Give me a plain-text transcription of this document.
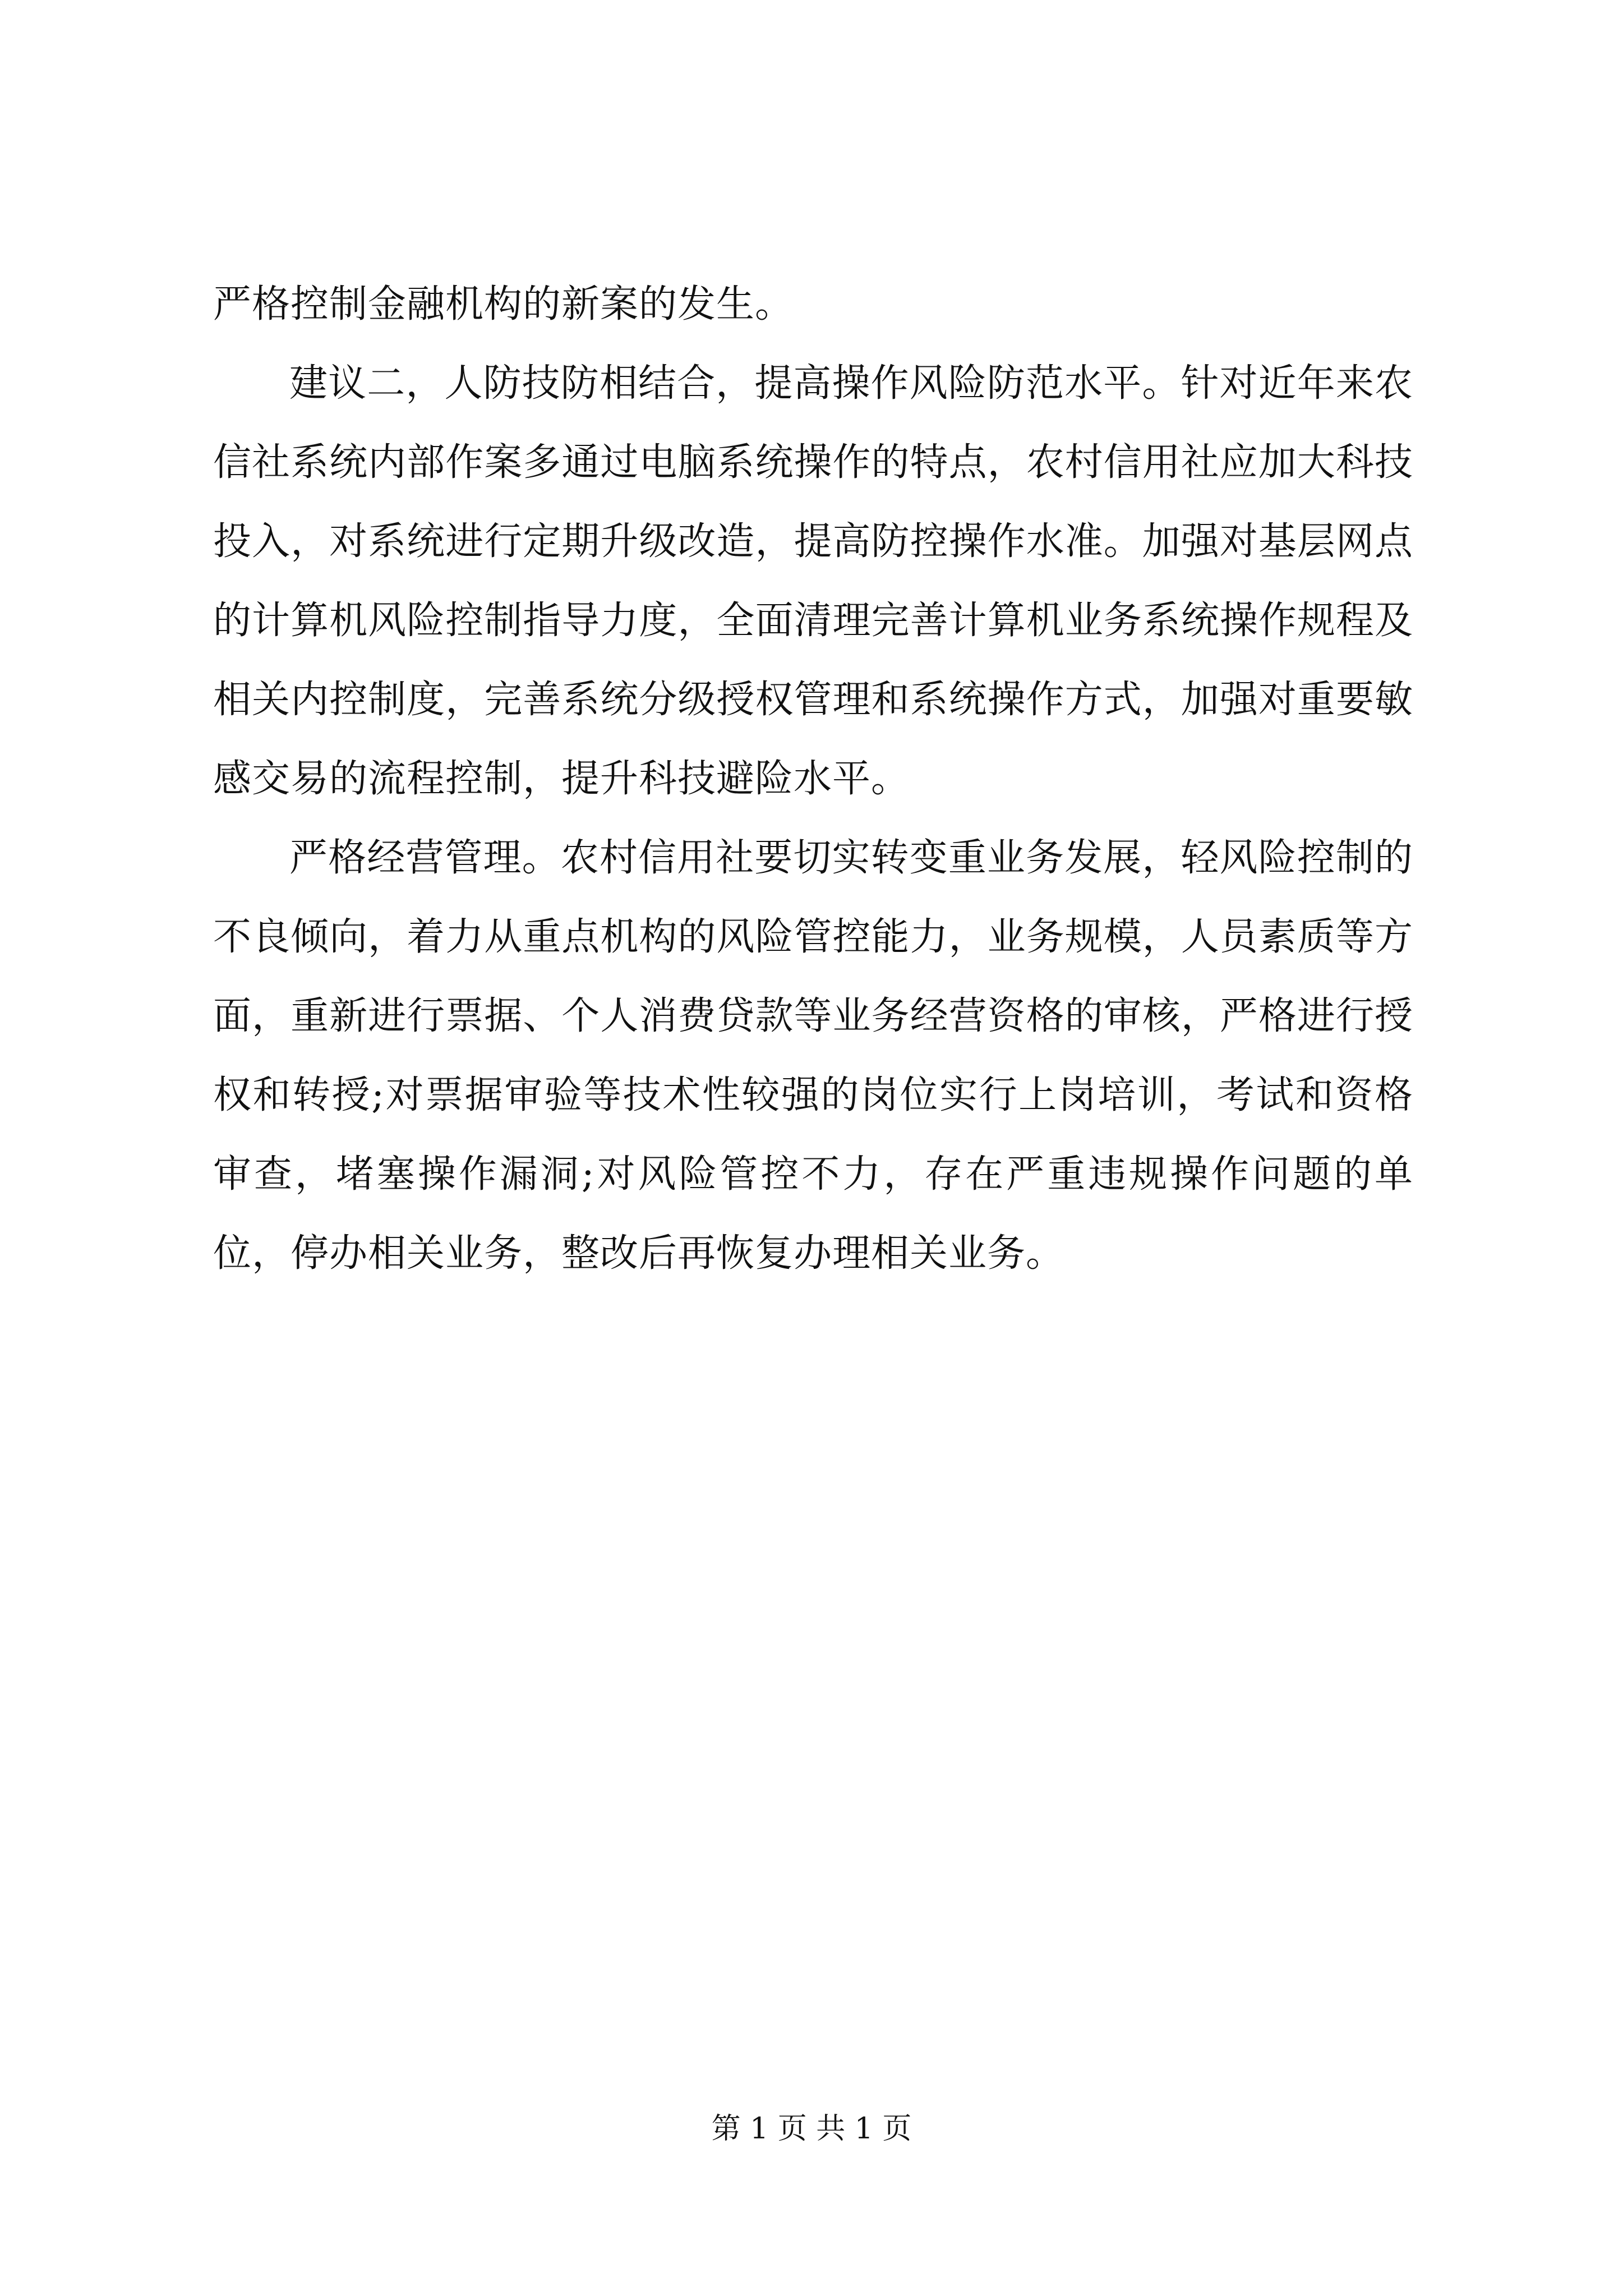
严格控制金融机构的新案的发生。

建议二，人防技防相结合，提高操作风险防范水平。针对近年来农信社系统内部作案多通过电脑系统操作的特点，农村信用社应加大科技投入，对系统进行定期升级改造，提高防控操作水准。加强对基层网点的计算机风险控制指导力度，全面清理完善计算机业务系统操作规程及相关内控制度，完善系统分级授权管理和系统操作方式，加强对重要敏感交易的流程控制，提升科技避险水平。

严格经营管理。农村信用社要切实转变重业务发展，轻风险控制的不良倾向，着力从重点机构的风险管控能力，业务规模，人员素质等方面，重新进行票据、个人消费贷款等业务经营资格的审核，严格进行授权和转授;对票据审验等技术性较强的岗位实行上岗培训，考试和资格审查，堵塞操作漏洞;对风险管控不力，存在严重违规操作问题的单位，停办相关业务，整改后再恢复办理相关业务。

第 1 页 共 1 页
